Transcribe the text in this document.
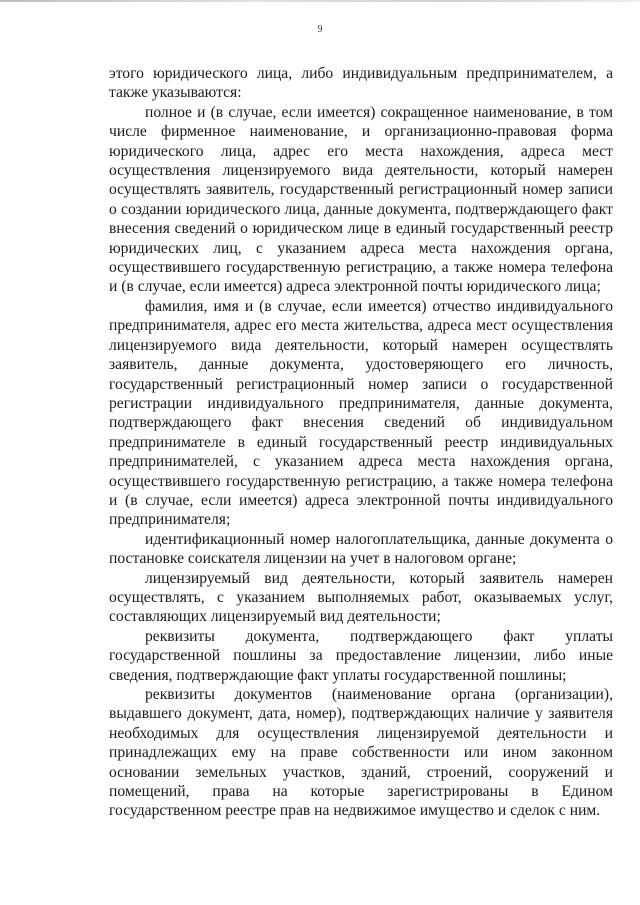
9

этого юридического лица, либо индивидуальным предпринимателем, а также указываются:

полное и (в случае, если имеется) сокращенное наименование, в том числе фирменное наименование, и организационно-правовая форма юридического лица, адрес его места нахождения, адреса мест осуществления лицензируемого вида деятельности, который намерен осуществлять заявитель, государственный регистрационный номер записи о создании юридического лица, данные документа, подтверждающего факт внесения сведений о юридическом лице в единый государственный реестр юридических лиц, с указанием адреса места нахождения органа, осуществившего государственную регистрацию, а также номера телефона и (в случае, если имеется) адреса электронной почты юридического лица;

фамилия, имя и (в случае, если имеется) отчество индивидуального предпринимателя, адрес его места жительства, адреса мест осуществления лицензируемого вида деятельности, который намерен осуществлять заявитель, данные документа, удостоверяющего его личность, государственный регистрационный номер записи о государственной регистрации индивидуального предпринимателя, данные документа, подтверждающего факт внесения сведений об индивидуальном предпринимателе в единый государственный реестр индивидуальных предпринимателей, с указанием адреса места нахождения органа, осуществившего государственную регистрацию, а также номера телефона и (в случае, если имеется) адреса электронной почты индивидуального предпринимателя;

идентификационный номер налогоплательщика, данные документа о постановке соискателя лицензии на учет в налоговом органе;

лицензируемый вид деятельности, который заявитель намерен осуществлять, с указанием выполняемых работ, оказываемых услуг, составляющих лицензируемый вид деятельности;

реквизиты документа, подтверждающего факт уплаты государственной пошлины за предоставление лицензии, либо иные сведения, подтверждающие факт уплаты государственной пошлины;

реквизиты документов (наименование органа (организации), выдавшего документ, дата, номер), подтверждающих наличие у заявителя необходимых для осуществления лицензируемой деятельности и принадлежащих ему на праве собственности или ином законном основании земельных участков, зданий, строений, сооружений и помещений, права на которые зарегистрированы в Едином государственном реестре прав на недвижимое имущество и сделок с ним.
